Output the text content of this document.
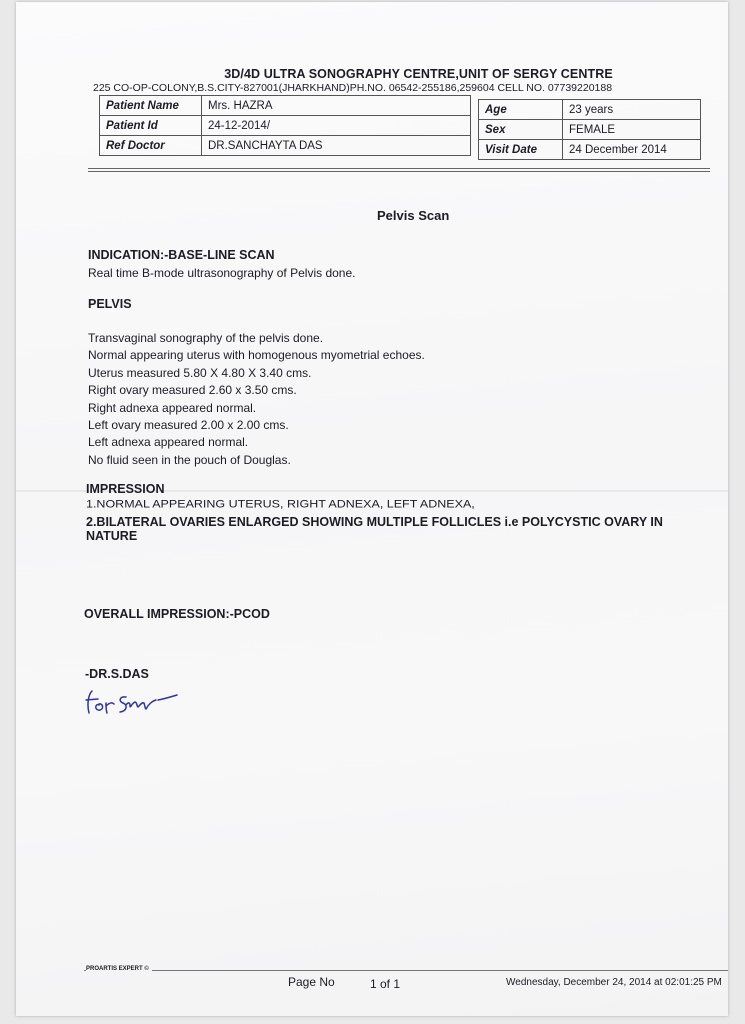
3D/4D ULTRA SONOGRAPHY CENTRE,UNIT OF SERGY CENTRE
225 CO-OP-COLONY,B.S.CITY-827001(JHARKHAND)PH.NO. 06542-255186,259604 CELL NO. 07739220188
Patient Name	Mrs. HAZRA
Patient Id	24-12-2014/
Ref Doctor	DR.SANCHAYTA DAS
Age	23 years
Sex	FEMALE
Visit Date	24 December 2014
Pelvis Scan
INDICATION:-BASE-LINE SCAN
Real time B-mode ultrasonography of Pelvis done.
PELVIS
Transvaginal sonography of the pelvis done.
Normal appearing uterus with homogenous myometrial echoes.
Uterus measured 5.80 X 4.80 X 3.40 cms.
Right ovary measured 2.60 x 3.50 cms.
Right adnexa appeared normal.
Left ovary measured 2.00 x 2.00 cms.
Left adnexa appeared normal.
No fluid seen in the pouch of Douglas.
IMPRESSION
1.NORMAL APPEARING UTERUS, RIGHT ADNEXA, LEFT ADNEXA,
2.BILATERAL OVARIES ENLARGED SHOWING MULTIPLE FOLLICLES i.e POLYCYSTIC OVARY IN NATURE
OVERALL IMPRESSION:-PCOD
-DR.S.DAS
PROARTIS EXPERT ©
Page No	1 of 1	Wednesday, December 24, 2014 at 02:01:25 PM
